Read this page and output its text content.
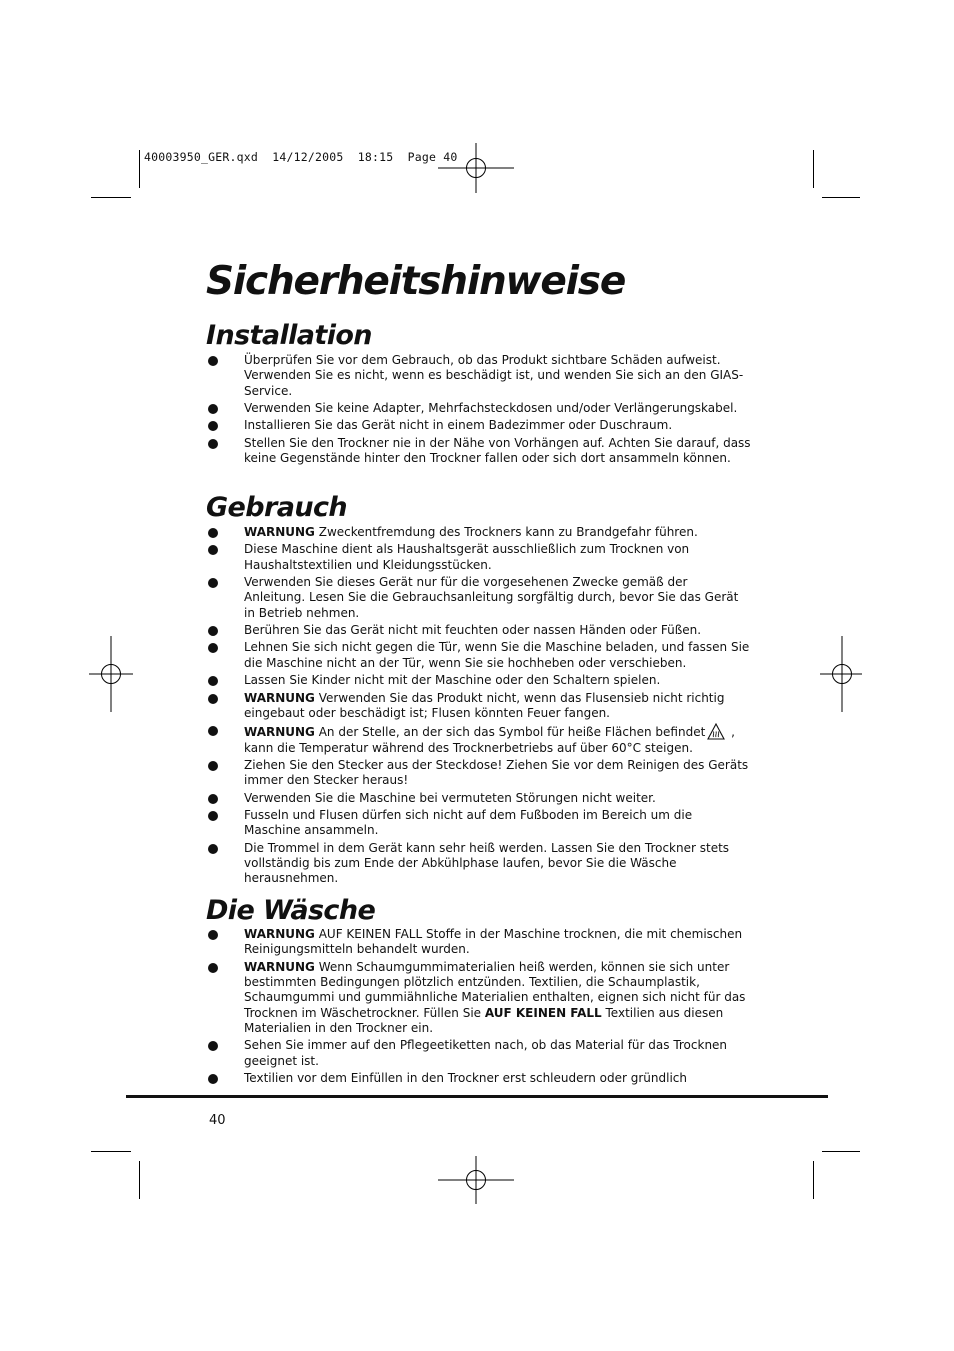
40003950_GER.qxd  14/12/2005  18:15  Page 40
Sicherheitshinweise
Installation
Überprüfen Sie vor dem Gebrauch, ob das Produkt sichtbare Schäden aufweist. Verwenden Sie es nicht, wenn es beschädigt ist, und wenden Sie sich an den GIAS-Service.
Verwenden Sie keine Adapter, Mehrfachsteckdosen und/oder Verlängerungskabel.
Installieren Sie das Gerät nicht in einem Badezimmer oder Duschraum.
Stellen Sie den Trockner nie in der Nähe von Vorhängen auf. Achten Sie darauf, dass keine Gegenstände hinter den Trockner fallen oder sich dort ansammeln können.
Gebrauch
WARNUNG Zweckentfremdung des Trockners kann zu Brandgefahr führen.
Diese Maschine dient als Haushaltsgerät ausschließlich zum Trocknen von Haushaltstextilien und Kleidungsstücken.
Verwenden Sie dieses Gerät nur für die vorgesehenen Zwecke gemäß der Anleitung. Lesen Sie die Gebrauchsanleitung sorgfältig durch, bevor Sie das Gerät in Betrieb nehmen.
Berühren Sie das Gerät nicht mit feuchten oder nassen Händen oder Füßen.
Lehnen Sie sich nicht gegen die Tür, wenn Sie die Maschine beladen, und fassen Sie die Maschine nicht an der Tür, wenn Sie sie hochheben oder verschieben.
Lassen Sie Kinder nicht mit der Maschine oder den Schaltern spielen.
WARNUNG Verwenden Sie das Produkt nicht, wenn das Flusensieb nicht richtig eingebaut oder beschädigt ist; Flusen könnten Feuer fangen.
WARNUNG An der Stelle, an der sich das Symbol für heiße Flächen befindet , kann die Temperatur während des Trocknerbetriebs auf über 60°C steigen.
Ziehen Sie den Stecker aus der Steckdose! Ziehen Sie vor dem Reinigen des Geräts immer den Stecker heraus!
Verwenden Sie die Maschine bei vermuteten Störungen nicht weiter.
Fusseln und Flusen dürfen sich nicht auf dem Fußboden im Bereich um die Maschine ansammeln.
Die Trommel in dem Gerät kann sehr heiß werden. Lassen Sie den Trockner stets vollständig bis zum Ende der Abkühlphase laufen, bevor Sie die Wäsche herausnehmen.
Die Wäsche
WARNUNG AUF KEINEN FALL Stoffe in der Maschine trocknen, die mit chemischen Reinigungsmitteln behandelt wurden.
WARNUNG Wenn Schaumgummimaterialien heiß werden, können sie sich unter bestimmten Bedingungen plötzlich entzünden. Textilien, die Schaumplastik, Schaumgummi und gummiähnliche Materialien enthalten, eignen sich nicht für das Trocknen im Wäschetrockner. Füllen Sie AUF KEINEN FALL Textilien aus diesen Materialien in den Trockner ein.
Sehen Sie immer auf den Pflegeetiketten nach, ob das Material für das Trocknen geeignet ist.
Textilien vor dem Einfüllen in den Trockner erst schleudern oder gründlich
40
